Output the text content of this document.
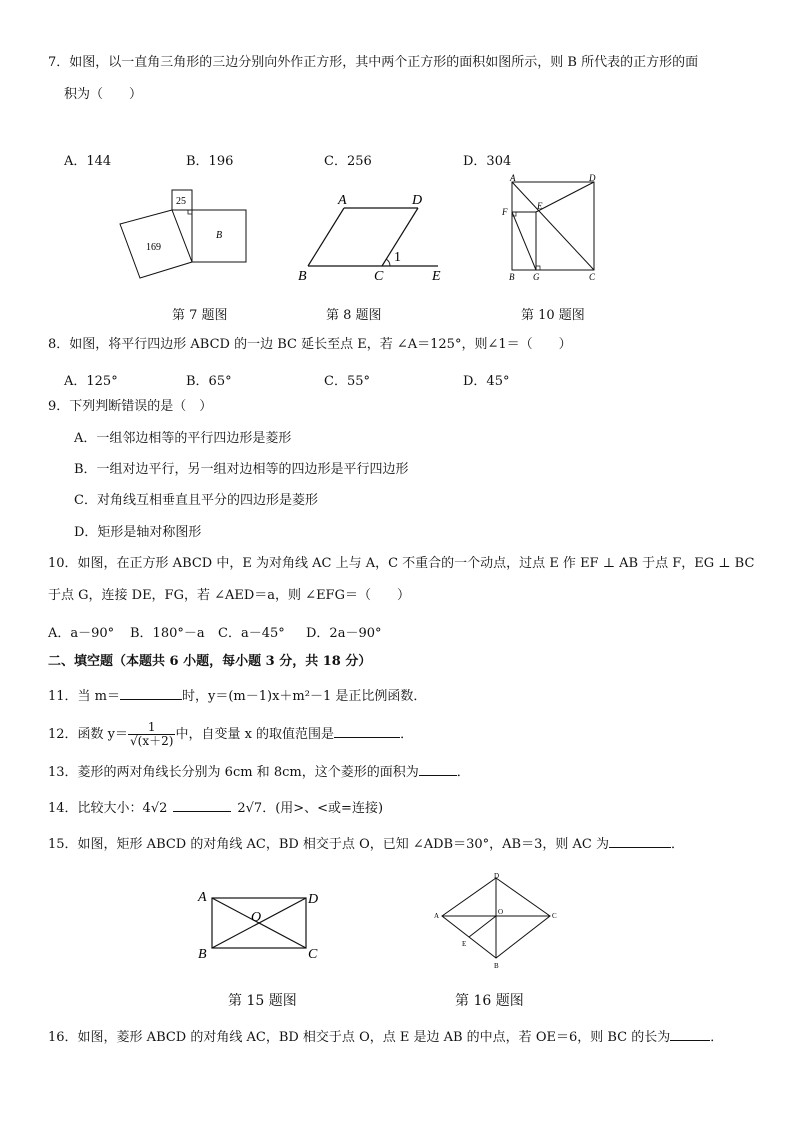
7．如图，以一直角三角形的三边分别向外作正方形，其中两个正方形的面积如图所示，则 B 所代表的正方形的面
积为（　　）
A．144	B．196	C．256	D．304
25
169
B
A	D
B	C	E
1
A	D
F
E
B G	C
第 7 题图	第 8 题图	第 10 题图
8．如图，将平行四边形 ABCD 的一边 BC 延长至点 E，若 ∠A＝125°，则∠1＝（　　）
A．125°	B．65°	C．55°	D．45°
9．下列判断错误的是（　）
A．一组邻边相等的平行四边形是菱形
B．一组对边平行，另一组对边相等的四边形是平行四边形
C．对角线互相垂直且平分的四边形是菱形
D．矩形是轴对称图形
10．如图，在正方形 ABCD 中，E 为对角线 AC 上与 A，C 不重合的一个动点，过点 E 作 EF ⊥ AB 于点 F，EG ⊥ BC
于点 G，连接 DE，FG，若 ∠AED＝a，则 ∠EFG＝（　　）
A．a－90° B．180°－a C．a－45° D．2a－90°
二、填空题（本题共 6 小题，每小题 3 分，共 18 分）
11．当 m＝	时，y＝(m－1)x＋m²－1 是正比例函数．
12．函数 $y= \frac{1}{√(x+2)}$ 中，自变量 x 的取值范围是	．
13．菱形的两对角线长分别为 6cm 和 8cm，这个菱形的面积为	．
14．比较大小：4√2	2√7．(用>、<或=连接)
15．如图，矩形 ABCD 的对角线 AC，BD 相交于点 O，已知 ∠ADB＝30°，AB＝3，则 AC 为	．
A	D
O
B	C
D
A	O	C
E
B
第 15 题图	第 16 题图
16．如图，菱形 ABCD 的对角线 AC，BD 相交于点 O，点 E 是边 AB 的中点，若 OE＝6，则 BC 的长为	．
